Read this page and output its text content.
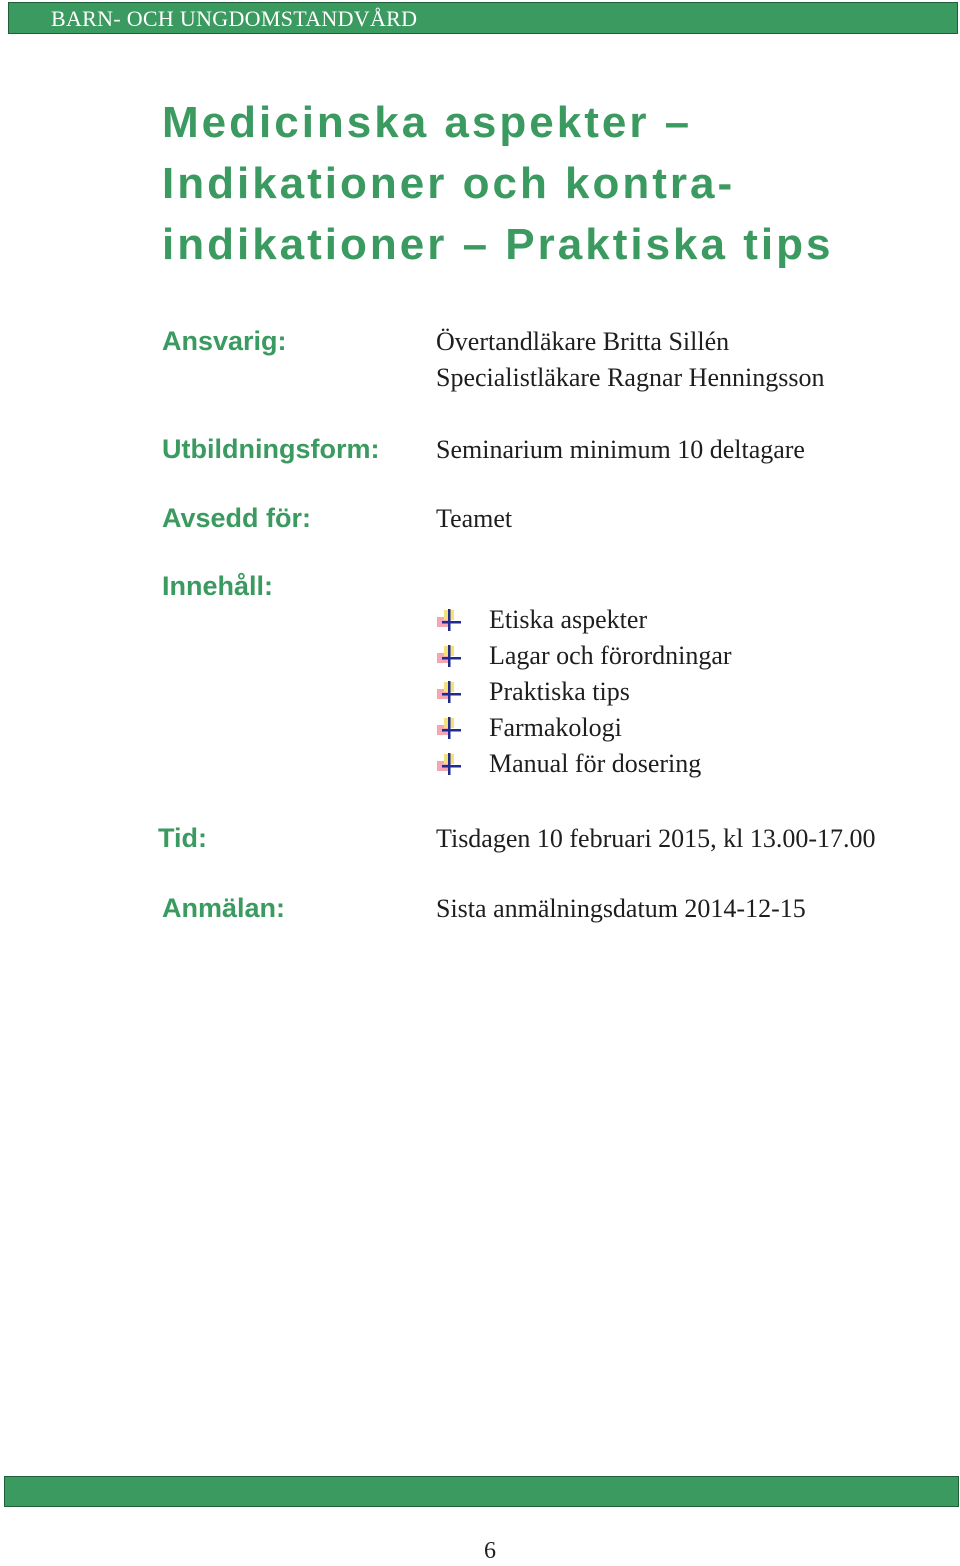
BARN- OCH UNGDOMSTANDVÅRD
Medicinska aspekter –
Indikationer och kontra-
indikationer – Praktiska tips
Ansvarig:	Övertandläkare Britta Sillén
Specialistläkare Ragnar Henningsson
Utbildningsform: Seminarium minimum 10 deltagare
Avsedd för:	Teamet
Innehåll:
Etiska aspekter
Lagar och förordningar
Praktiska tips
Farmakologi
Manual för dosering
Tid:	Tisdagen 10 februari 2015, kl 13.00-17.00
Anmälan:	Sista anmälningsdatum 2014-12-15
6
